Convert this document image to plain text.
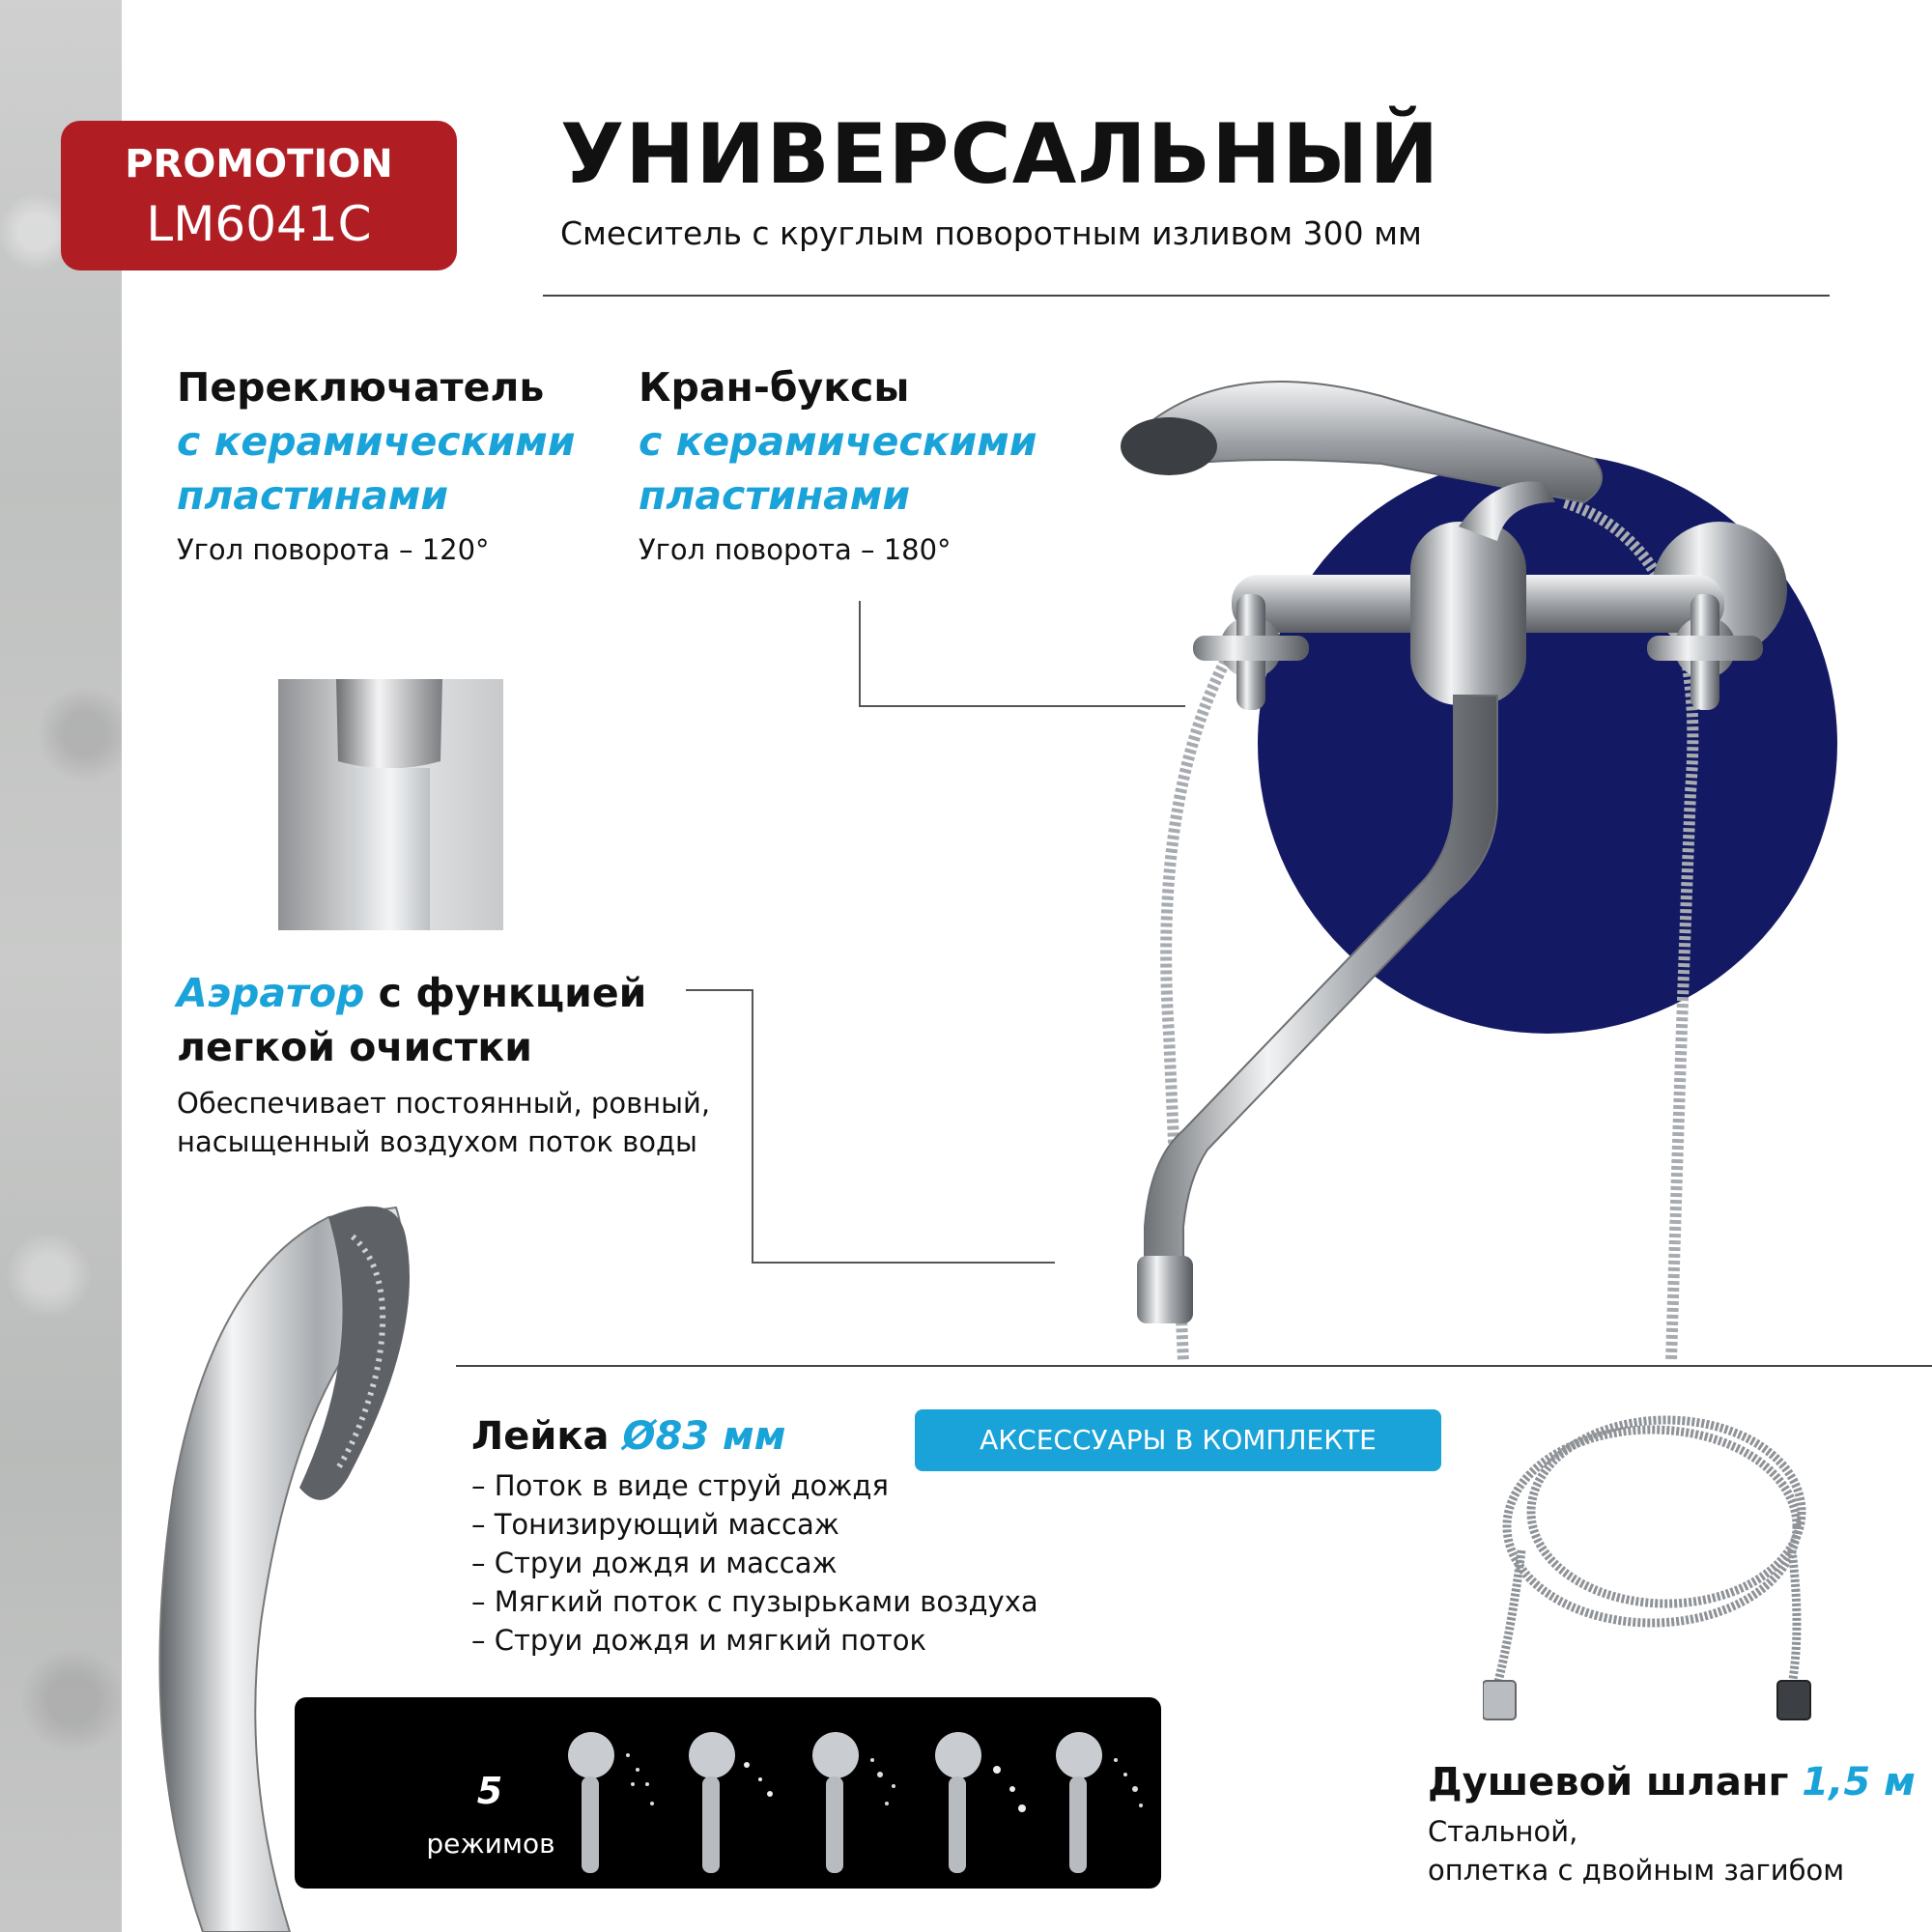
PROMOTION
LM6041C
УНИВЕРСАЛЬНЫЙ
Смеситель с круглым поворотным изливом 300 мм
Переключатель
с керамическими
пластинами
Угол поворота – 120°
Кран-буксы
с керамическими
пластинами
Угол поворота – 180°
Аэратор с функцией
легкой очистки
Обеспечивает постоянный, ровный,
насыщенный воздухом поток воды
Лейка Ø83 мм
– Поток в виде струй дождя
– Тонизирующий массаж
– Струи дождя и массаж
– Мягкий поток с пузырьками воздуха
– Струи дождя и мягкий поток
АКСЕССУАРЫ В КОМПЛЕКТЕ
Душевой шланг 1,5 м
Стальной,
оплетка с двойным загибом
5
режимов
